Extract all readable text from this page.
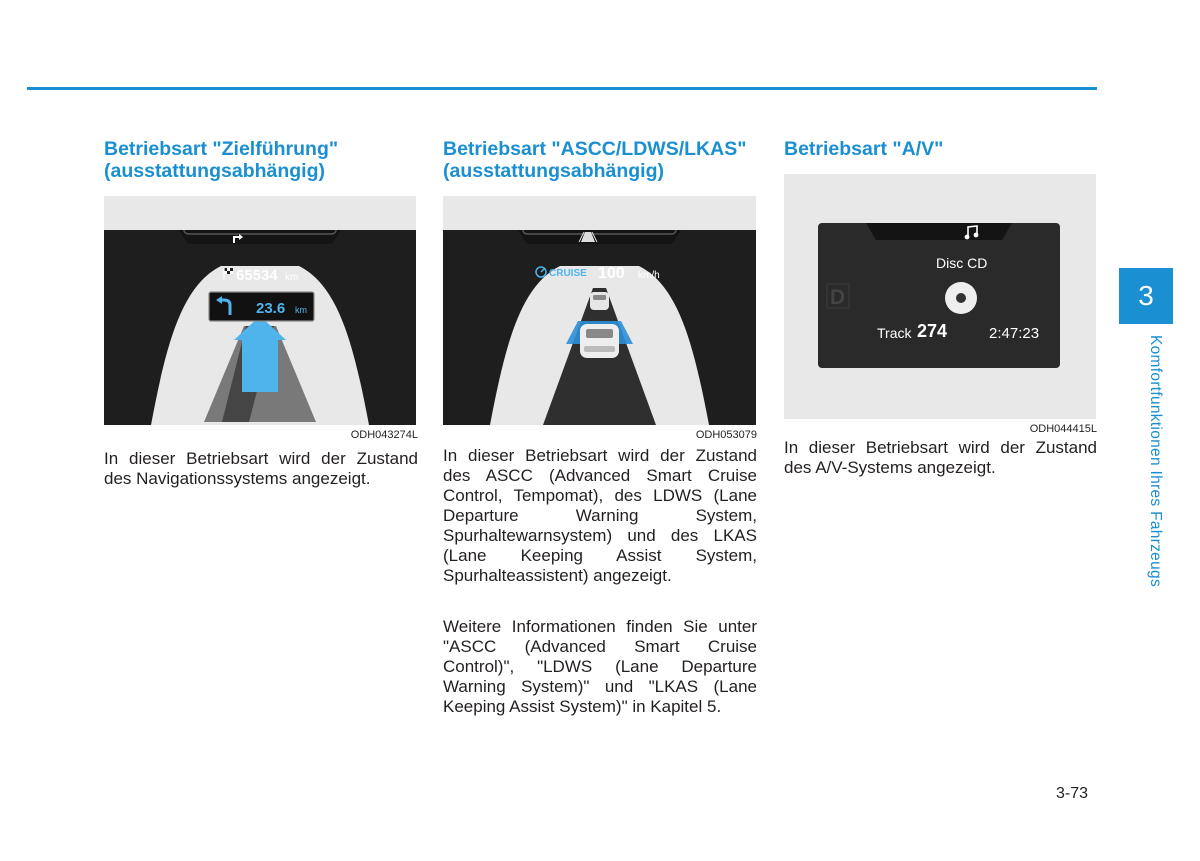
Betriebsart "Zielführung"
(ausstattungsabhängig)
65534 km
23.6 km
ODH043274L

In dieser Betriebsart wird der Zustand des Navigationssystems angezeigt.

Betriebsart "ASCC/LDWS/LKAS"
(ausstattungsabhängig)
CRUISE 100 km/h
ODH053079

In dieser Betriebsart wird der Zustand des ASCC (Advanced Smart Cruise Control, Tempomat), des LDWS (Lane Departure Warning System, Spurhaltewarnsystem) und des LKAS (Lane Keeping Assist System, Spurhalteassistent) angezeigt.

Weitere Informationen finden Sie unter "ASCC (Advanced Smart Cruise Control)", "LDWS (Lane Departure Warning System)" und "LKAS (Lane Keeping Assist System)" in Kapitel 5.

Betriebsart "A/V"
Disc CD
D
Track 274	2:47:23
ODH044415L

In dieser Betriebsart wird der Zustand des A/V-Systems angezeigt.

3
Komfortfunktionen Ihres Fahrzeugs
3-73
